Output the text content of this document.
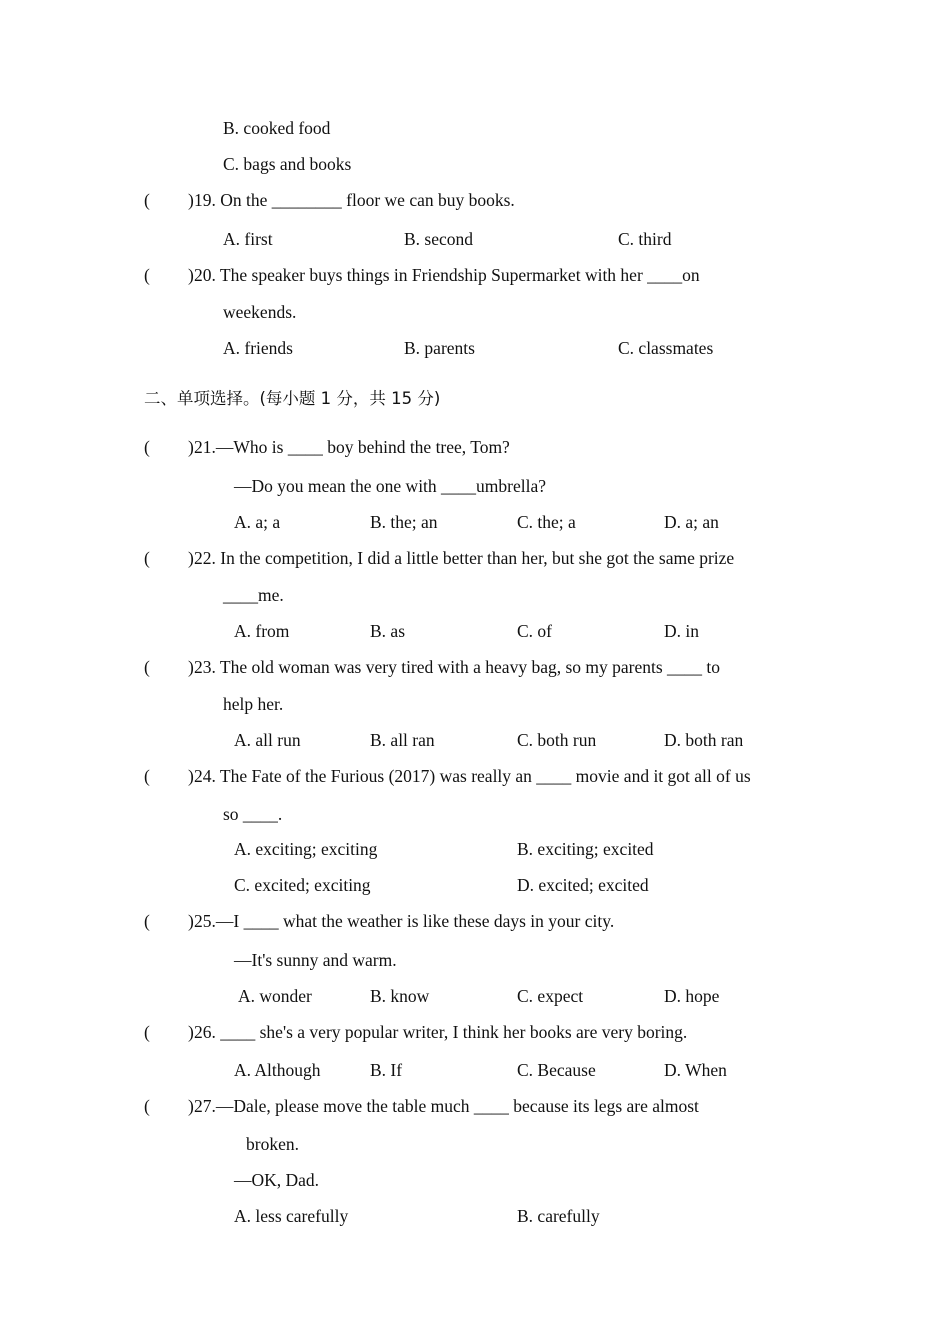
B. cooked food
C. bags and books
( ) 19. On the ________ floor we can buy books.
A. first	B. second	C. third
( ) 20. The speaker buys things in Friendship Supermarket with her ____on
weekends.
A. friends	B. parents	C. classmates
二、单项选择。(每小题 1 分，共 15 分)
( ) 21.—Who is ____ boy behind the tree, Tom?
—Do you mean the one with ____umbrella?
A. a; a	B. the; an	C. the; a	D. a; an
( ) 22. In the competition, I did a little better than her, but she got the same prize
____me.
A. from	B. as	C. of	D. in
( ) 23. The old woman was very tired with a heavy bag, so my parents ____ to
help her.
A. all run	B. all ran	C. both run	D. both ran
( ) 24. The Fate of the Furious (2017) was really an ____ movie and it got all of us
so ____.
A. exciting; exciting	B. exciting; excited
C. excited; exciting	D. excited; excited
( ) 25.—I ____ what the weather is like these days in your city.
—It's sunny and warm.
A. wonder	B. know	C. expect	D. hope
( ) 26. ____ she's a very popular writer, I think her books are very boring.
A. Although	B. If	C. Because	D. When
( ) 27.—Dale, please move the table much ____ because its legs are almost
broken.
—OK, Dad.
A. less carefully	B. carefully
